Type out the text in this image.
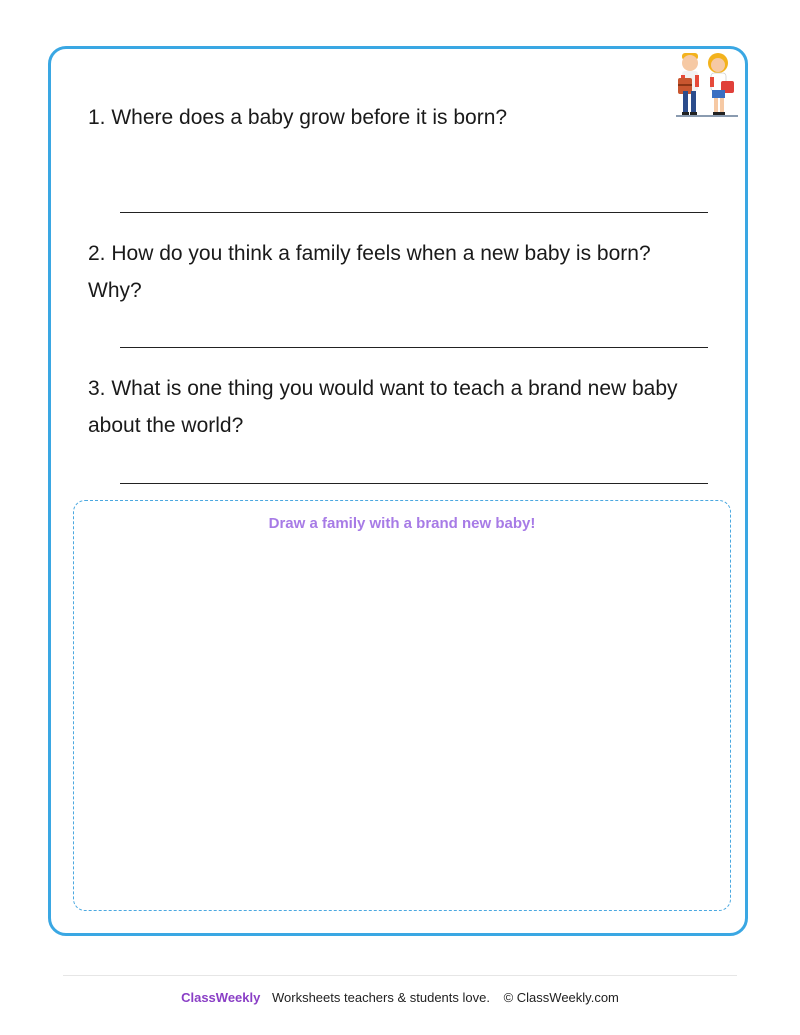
1. Where does a baby grow before it is born?

2. How do you think a family feels when a new baby is born? Why?

3. What is one thing you would want to teach a brand new baby about the world?

Draw a family with a brand new baby!
ClassWeekly Worksheets teachers & students love. © ClassWeekly.com
